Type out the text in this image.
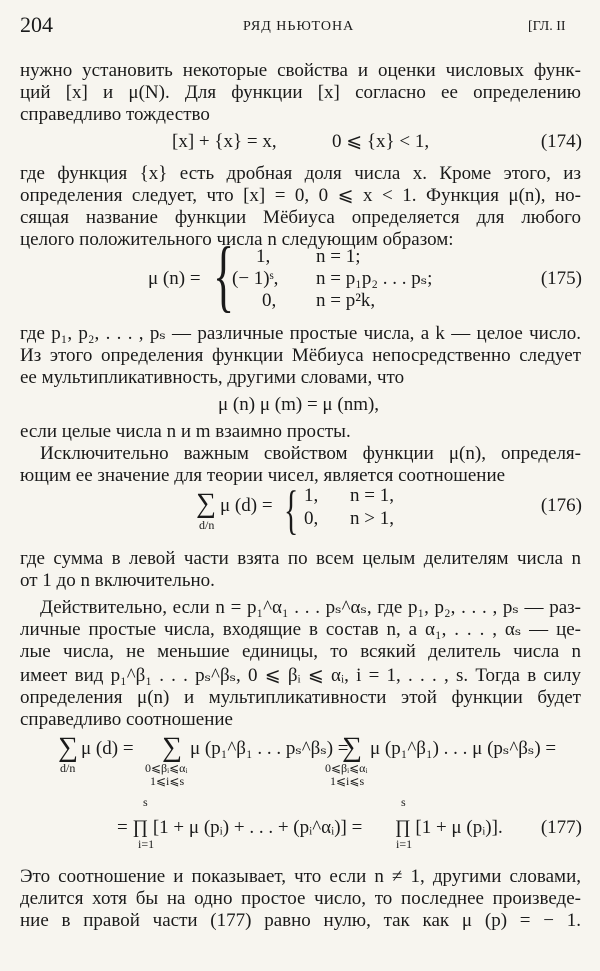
204	РЯД НЬЮТОНА	[ГЛ. II
нужно установить некоторые свойства и оценки числовых функ-
ций [x] и μ(N). Для функции [x] согласно ее определению
справедливо тождество
[x] + {x} = x,	0 ⩽ {x} < 1,	(174)
где функция {x} есть дробная доля числа x. Кроме этого, из
определения следует, что [x] = 0, 0 ⩽ x < 1. Функция μ(n), но-
сящая название функции Мёбиуса определяется для любого
целого положительного числа n следующим образом:
μ (n) = { 1, n = 1;
(− 1)ˢ, n = p₁p₂ . . . pₛ;
0, n = p²k,
(175)
где p₁, p₂, . . . , pₛ — различные простые числа, а k — целое число.
Из этого определения функции Мёбиуса непосредственно следует
ее мультипликативность, другими словами, что
μ (n) μ (m) = μ (nm),
если целые числа n и m взаимно просты.
Исключительно важным свойством функции μ(n), определя-
ющим ее значение для теории чисел, является соотношение
∑
d/n
μ (d) = { 1, n = 1,
0, n > 1,
(176)
где сумма в левой части взята по всем целым делителям числа n
от 1 до n включительно.
Действительно, если n = p₁^α₁ . . . pₛ^αₛ, где p₁, p₂, . . . , pₛ — раз-
личные простые числа, входящие в состав n, а α₁, . . . , αₛ — це-
лые числа, не меньшие единицы, то всякий делитель числа n
имеет вид p₁^β₁ . . . pₛ^βₛ, 0 ⩽ βᵢ ⩽ αᵢ, i = 1, . . . , s. Тогда в силу
определения μ(n) и мультипликативности этой функции будет
справедливо соотношение
∑
d/n
μ (d) = ∑
0⩽βᵢ⩽αᵢ
1⩽i⩽s
μ (p₁^β₁ . . . pₛ^βₛ) =
∑
0⩽βᵢ⩽αᵢ
1⩽i⩽s
μ (p₁^β₁) . . . μ (pₛ^βₛ) =
s
i=1
= ∏ [1 + μ (pᵢ) + . . . + (pᵢ^αᵢ)] =
s
i=1
∏ [1 + μ (pᵢ)]. (177)
Это соотношение и показывает, что если n ≠ 1, другими словами,
делится хотя бы на одно простое число, то последнее произведе-
ние в правой части (177) равно нулю, так как μ (p) = − 1.
